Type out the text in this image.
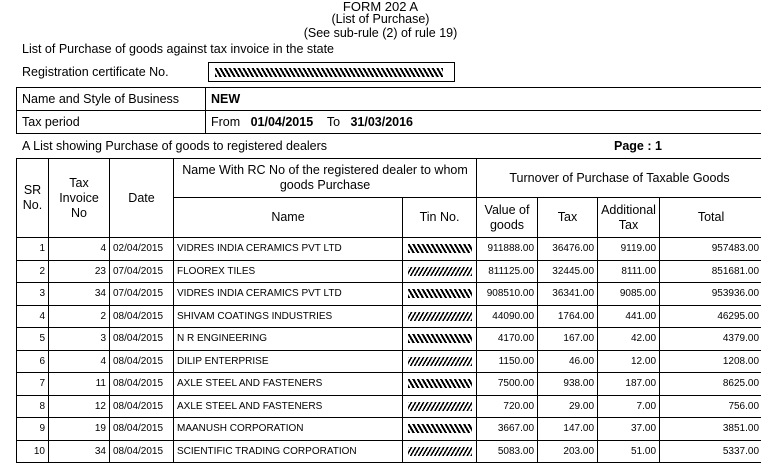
FORM 202 A
(List of Purchase)
(See sub-rule (2) of rule 19)
List of Purchase of goods against tax invoice in the state
Registration certificate No.
Name and Style of Business	NEW
Tax period	From 01/04/2015 To 31/03/2016
A List showing Purchase of goods to registered dealers	Page : 1
SR No.	Tax Invoice No	Date	Name With RC No of the registered dealer to whom goods Purchase		Turnover of Purchase of Taxable Goods			
			Name	Tin No.	Value of goods	Tax	Additional Tax	Total
1	4	02/04/2015	VIDRES INDIA CERAMICS PVT LTD		911888.00	36476.00	9119.00	957483.00
2	23	07/04/2015	FLOOREX TILES		811125.00	32445.00	8111.00	851681.00
3	34	07/04/2015	VIDRES INDIA CERAMICS PVT LTD		908510.00	36341.00	9085.00	953936.00
4	2	08/04/2015	SHIVAM COATINGS INDUSTRIES		44090.00	1764.00	441.00	46295.00
5	3	08/04/2015	N R ENGINEERING		4170.00	167.00	42.00	4379.00
6	4	08/04/2015	DILIP ENTERPRISE		1150.00	46.00	12.00	1208.00
7	11	08/04/2015	AXLE STEEL AND FASTENERS		7500.00	938.00	187.00	8625.00
8	12	08/04/2015	AXLE STEEL AND FASTENERS		720.00	29.00	7.00	756.00
9	19	08/04/2015	MAANUSH CORPORATION		3667.00	147.00	37.00	3851.00
10	34	08/04/2015	SCIENTIFIC TRADING CORPORATION		5083.00	203.00	51.00	5337.00
